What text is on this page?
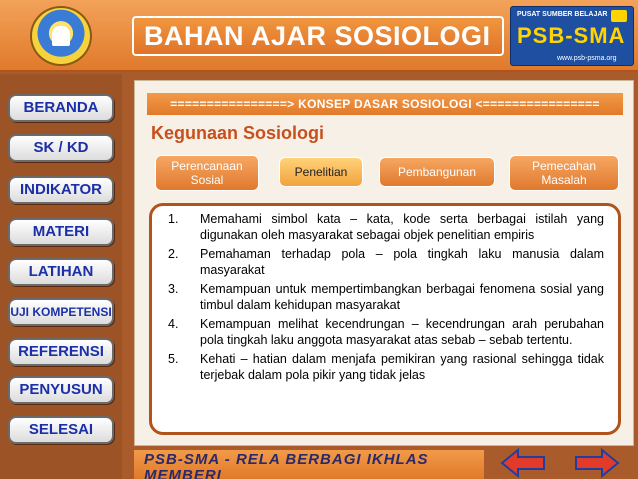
BAHAN AJAR SOSIOLOGI
PUSAT SUMBER BELAJAR
PSB-SMA
www.psb-psma.org
BERANDA
SK / KD
INDIKATOR
MATERI
LATIHAN
UJI KOMPETENSI
REFERENSI
PENYUSUN
SELESAI
================> KONSEP DASAR SOSIOLOGI <================
Kegunaan Sosiologi
Perencanaan Sosial
Penelitian	Pembangunan	Pemecahan Masalah
1.	Memahami simbol kata – kata, kode serta berbagai istilah yang digunakan oleh masyarakat sebagai objek penelitian empiris
2.	Pemahaman terhadap pola – pola tingkah laku manusia dalam masyarakat
3.	Kemampuan untuk mempertimbangkan berbagai fenomena sosial yang timbul dalam kehidupan masyarakat
4.	Kemampuan melihat kecendrungan – kecendrungan arah perubahan pola tingkah laku anggota masyarakat atas sebab – sebab tertentu.
5.	Kehati – hatian dalam menjafa pemikiran yang rasional sehingga tidak terjebak dalam pola pikir yang tidak jelas
PSB-SMA - RELA BERBAGI IKHLAS MEMBERI
